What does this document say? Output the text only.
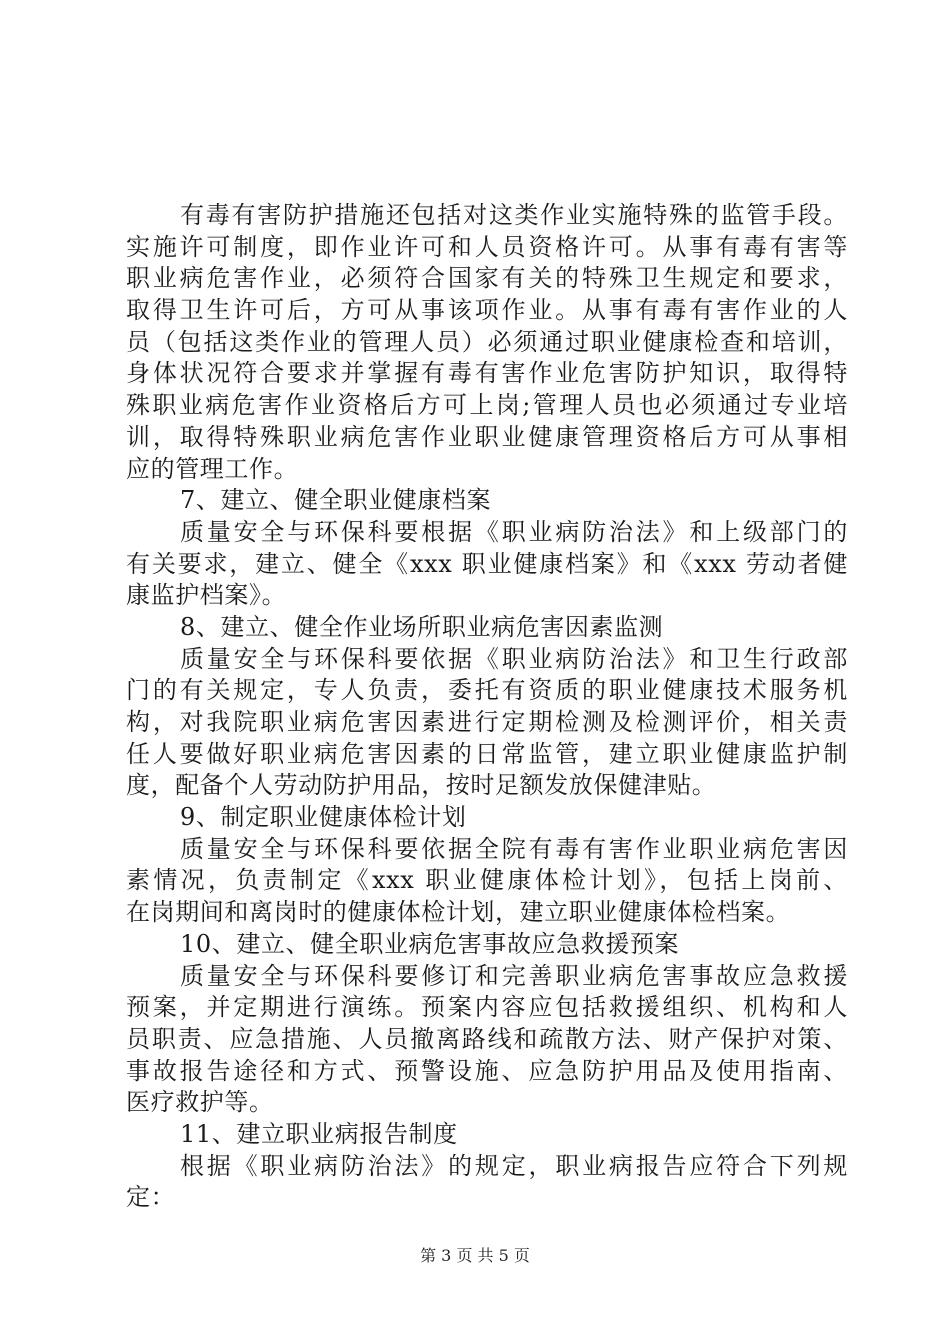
有毒有害防护措施还包括对这类作业实施特殊的监管手段。
实施许可制度，即作业许可和人员资格许可。从事有毒有害等
职业病危害作业，必须符合国家有关的特殊卫生规定和要求，
取得卫生许可后，方可从事该项作业。从事有毒有害作业的人
员（包括这类作业的管理人员）必须通过职业健康检查和培训，
身体状况符合要求并掌握有毒有害作业危害防护知识，取得特
殊职业病危害作业资格后方可上岗;管理人员也必须通过专业培
训，取得特殊职业病危害作业职业健康管理资格后方可从事相
应的管理工作。
7、建立、健全职业健康档案
质量安全与环保科要根据《职业病防治法》和上级部门的
有关要求，建立、健全《xxx 职业健康档案》和《xxx 劳动者健
康监护档案》。
8、建立、健全作业场所职业病危害因素监测
质量安全与环保科要依据《职业病防治法》和卫生行政部
门的有关规定，专人负责，委托有资质的职业健康技术服务机
构，对我院职业病危害因素进行定期检测及检测评价，相关责
任人要做好职业病危害因素的日常监管，建立职业健康监护制
度，配备个人劳动防护用品，按时足额发放保健津贴。
9、制定职业健康体检计划
质量安全与环保科要依据全院有毒有害作业职业病危害因
素情况，负责制定《xxx 职业健康体检计划》，包括上岗前、
在岗期间和离岗时的健康体检计划，建立职业健康体检档案。
10、建立、健全职业病危害事故应急救援预案
质量安全与环保科要修订和完善职业病危害事故应急救援
预案，并定期进行演练。预案内容应包括救援组织、机构和人
员职责、应急措施、人员撤离路线和疏散方法、财产保护对策、
事故报告途径和方式、预警设施、应急防护用品及使用指南、
医疗救护等。
11、建立职业病报告制度
根据《职业病防治法》的规定，职业病报告应符合下列规
定：
第 3 页 共 5 页
